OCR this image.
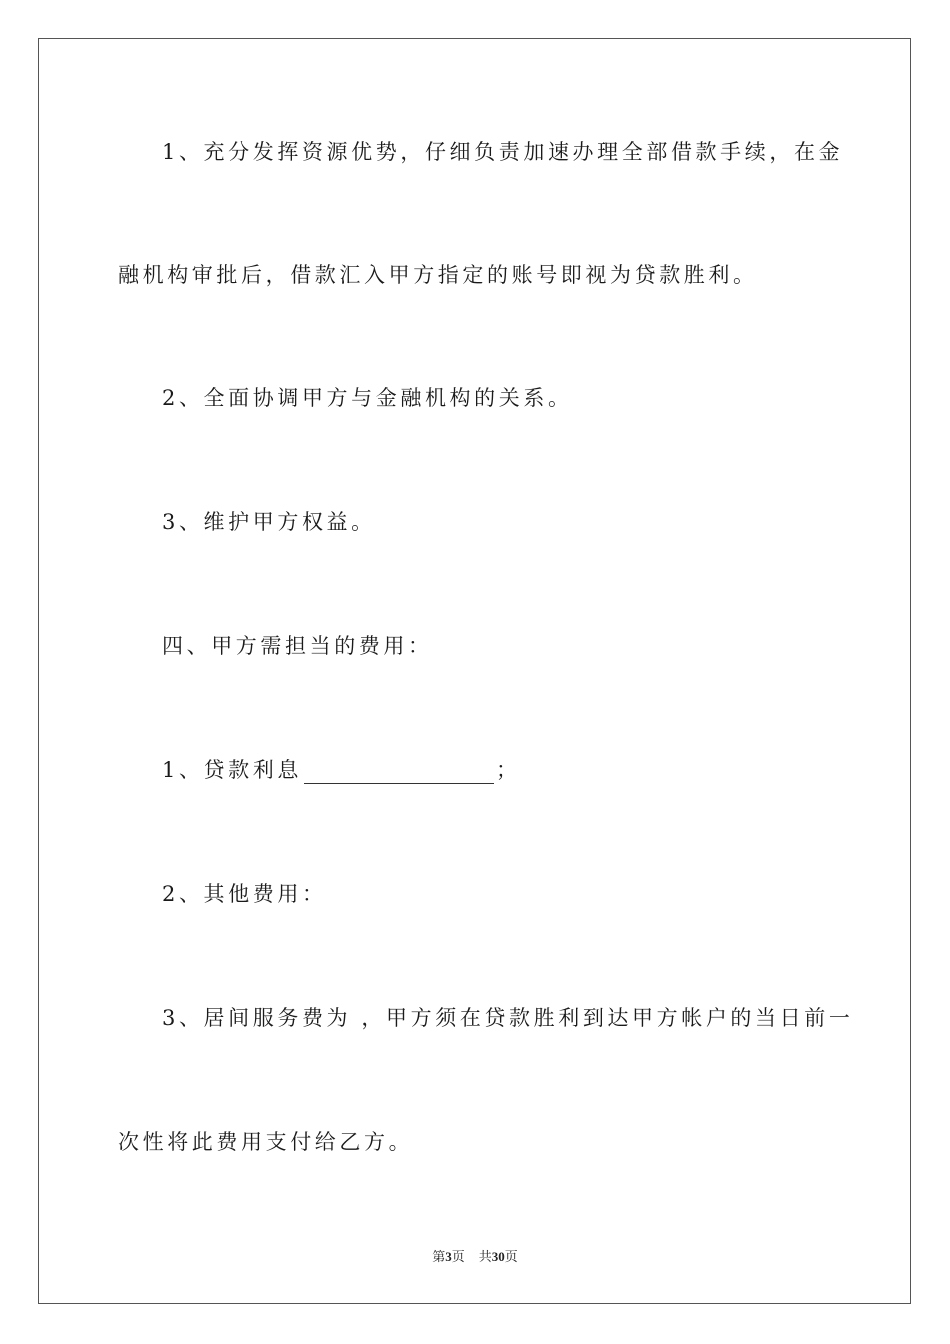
1、充分发挥资源优势，仔细负责加速办理全部借款手续，在金
融机构审批后，借款汇入甲方指定的账号即视为贷款胜利。
2、全面协调甲方与金融机构的关系。
3、维护甲方权益。
四、甲方需担当的费用：
1、贷款利息	；
2、其他费用：
3、居间服务费为 ，甲方须在贷款胜利到达甲方帐户的当日前一
次性将此费用支付给乙方。
第3页 共30页
